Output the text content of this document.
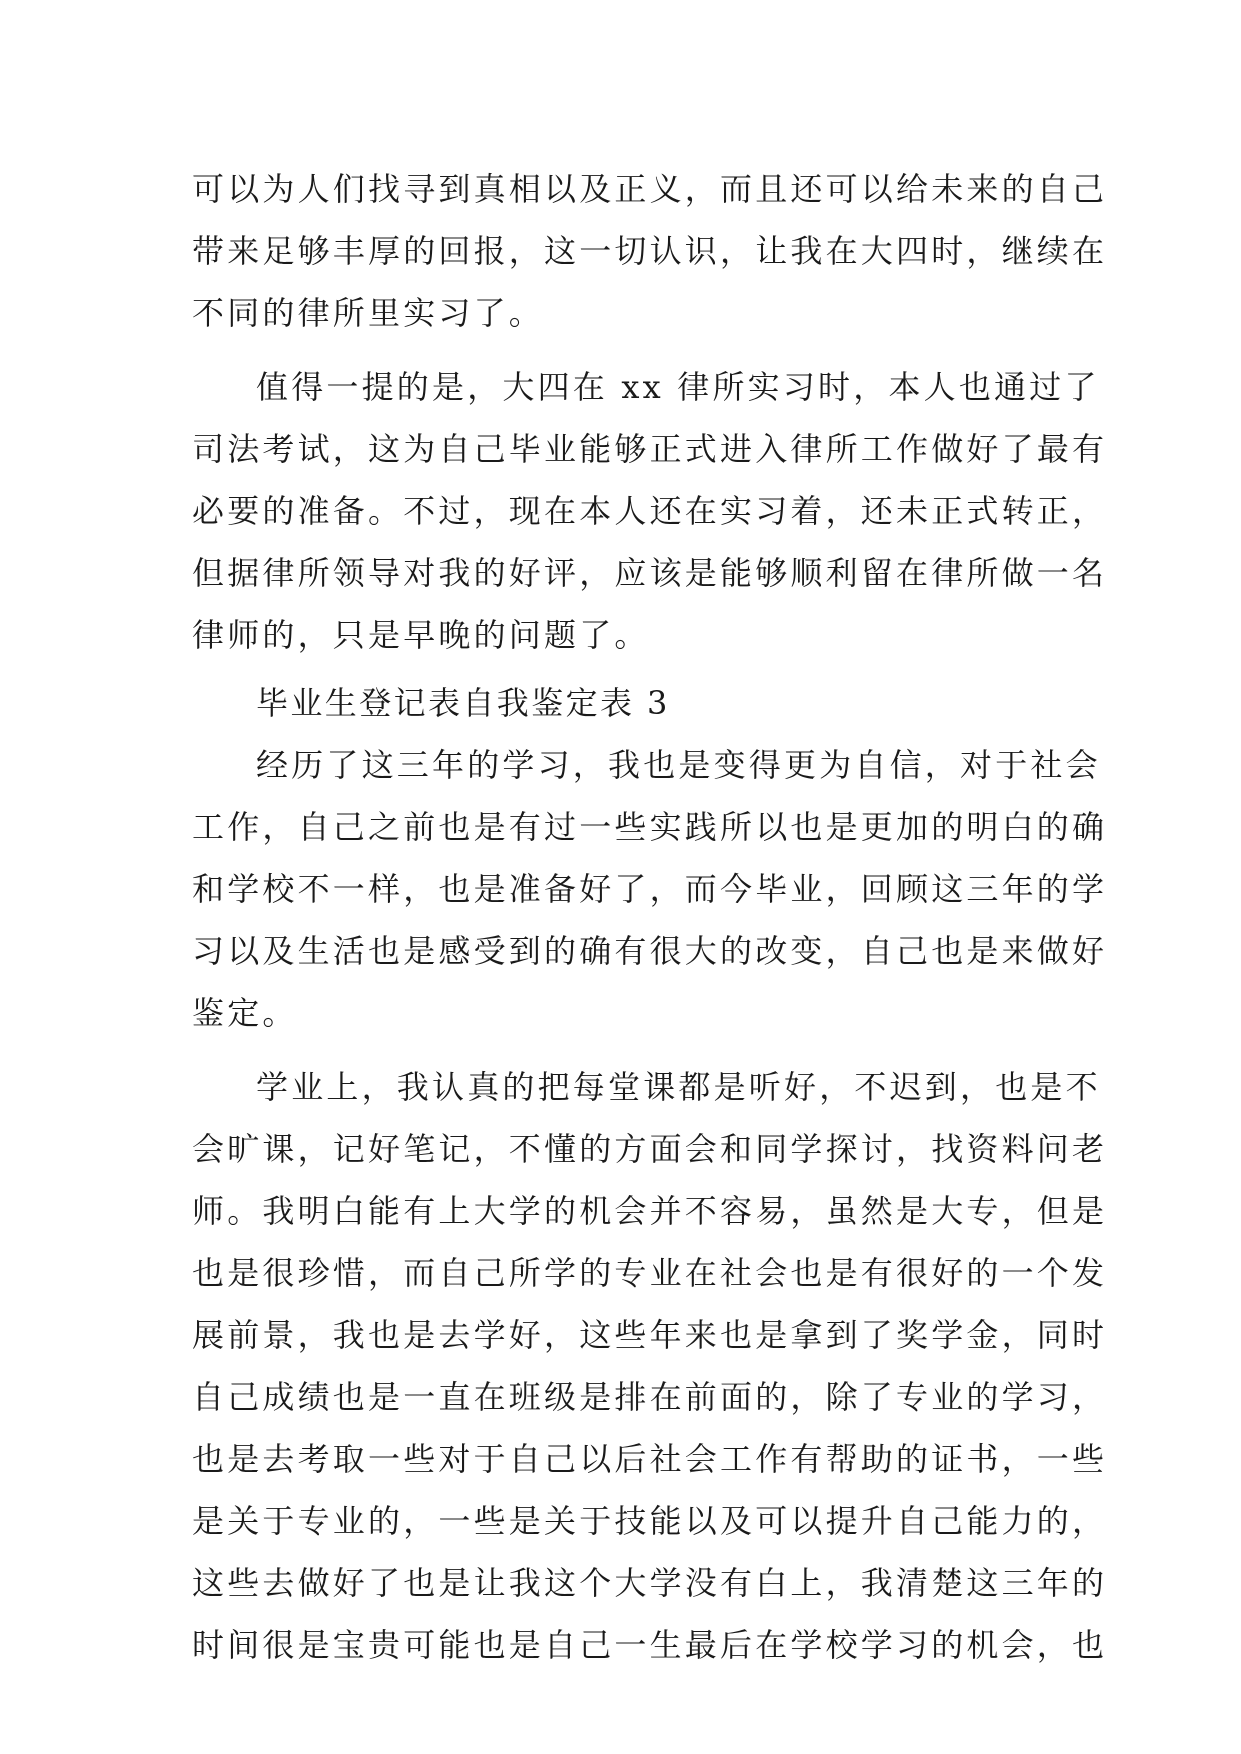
可以为人们找寻到真相以及正义，而且还可以给未来的自己
带来足够丰厚的回报，这一切认识，让我在大四时，继续在
不同的律所里实习了。
值得一提的是，大四在 xx 律所实习时，本人也通过了
司法考试，这为自己毕业能够正式进入律所工作做好了最有
必要的准备。不过，现在本人还在实习着，还未正式转正，
但据律所领导对我的好评，应该是能够顺利留在律所做一名
律师的，只是早晚的问题了。
毕业生登记表自我鉴定表 3
经历了这三年的学习，我也是变得更为自信，对于社会
工作，自己之前也是有过一些实践所以也是更加的明白的确
和学校不一样，也是准备好了，而今毕业，回顾这三年的学
习以及生活也是感受到的确有很大的改变，自己也是来做好
鉴定。
学业上，我认真的把每堂课都是听好，不迟到，也是不
会旷课，记好笔记，不懂的方面会和同学探讨，找资料问老
师。我明白能有上大学的机会并不容易，虽然是大专，但是
也是很珍惜，而自己所学的专业在社会也是有很好的一个发
展前景，我也是去学好，这些年来也是拿到了奖学金，同时
自己成绩也是一直在班级是排在前面的，除了专业的学习，
也是去考取一些对于自己以后社会工作有帮助的证书，一些
是关于专业的，一些是关于技能以及可以提升自己能力的，
这些去做好了也是让我这个大学没有白上，我清楚这三年的
时间很是宝贵可能也是自己一生最后在学校学习的机会，也
